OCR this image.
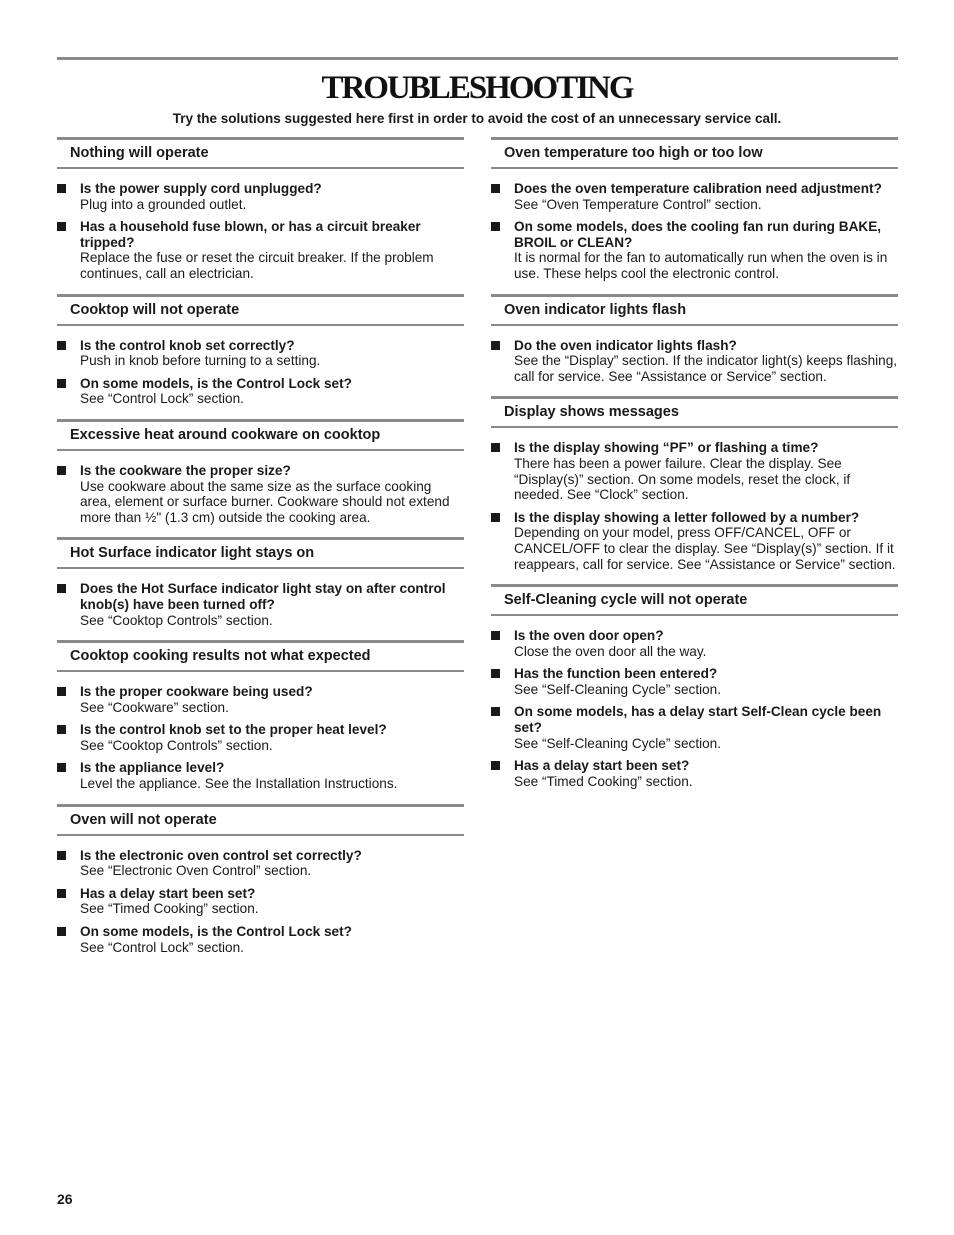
TROUBLESHOOTING
Try the solutions suggested here first in order to avoid the cost of an unnecessary service call.
Nothing will operate
Is the power supply cord unplugged?
Plug into a grounded outlet.
Has a household fuse blown, or has a circuit breaker tripped?
Replace the fuse or reset the circuit breaker. If the problem continues, call an electrician.
Cooktop will not operate
Is the control knob set correctly?
Push in knob before turning to a setting.
On some models, is the Control Lock set?
See “Control Lock” section.
Excessive heat around cookware on cooktop
Is the cookware the proper size?
Use cookware about the same size as the surface cooking area, element or surface burner. Cookware should not extend more than ½" (1.3 cm) outside the cooking area.
Hot Surface indicator light stays on
Does the Hot Surface indicator light stay on after control knob(s) have been turned off?
See “Cooktop Controls” section.
Cooktop cooking results not what expected
Is the proper cookware being used?
See “Cookware” section.
Is the control knob set to the proper heat level?
See “Cooktop Controls” section.
Is the appliance level?
Level the appliance. See the Installation Instructions.
Oven will not operate
Is the electronic oven control set correctly?
See “Electronic Oven Control” section.
Has a delay start been set?
See “Timed Cooking” section.
On some models, is the Control Lock set?
See “Control Lock” section.
Oven temperature too high or too low
Does the oven temperature calibration need adjustment?
See “Oven Temperature Control” section.
On some models, does the cooling fan run during BAKE, BROIL or CLEAN?
It is normal for the fan to automatically run when the oven is in use. These helps cool the electronic control.
Oven indicator lights flash
Do the oven indicator lights flash?
See the “Display” section. If the indicator light(s) keeps flashing, call for service. See “Assistance or Service” section.
Display shows messages
Is the display showing “PF” or flashing a time?
There has been a power failure. Clear the display. See “Display(s)” section. On some models, reset the clock, if needed. See “Clock” section.
Is the display showing a letter followed by a number?
Depending on your model, press OFF/CANCEL, OFF or CANCEL/OFF to clear the display. See “Display(s)” section. If it reappears, call for service. See “Assistance or Service” section.
Self-Cleaning cycle will not operate
Is the oven door open?
Close the oven door all the way.
Has the function been entered?
See “Self-Cleaning Cycle” section.
On some models, has a delay start Self-Clean cycle been set?
See “Self-Cleaning Cycle” section.
Has a delay start been set?
See “Timed Cooking” section.
26
